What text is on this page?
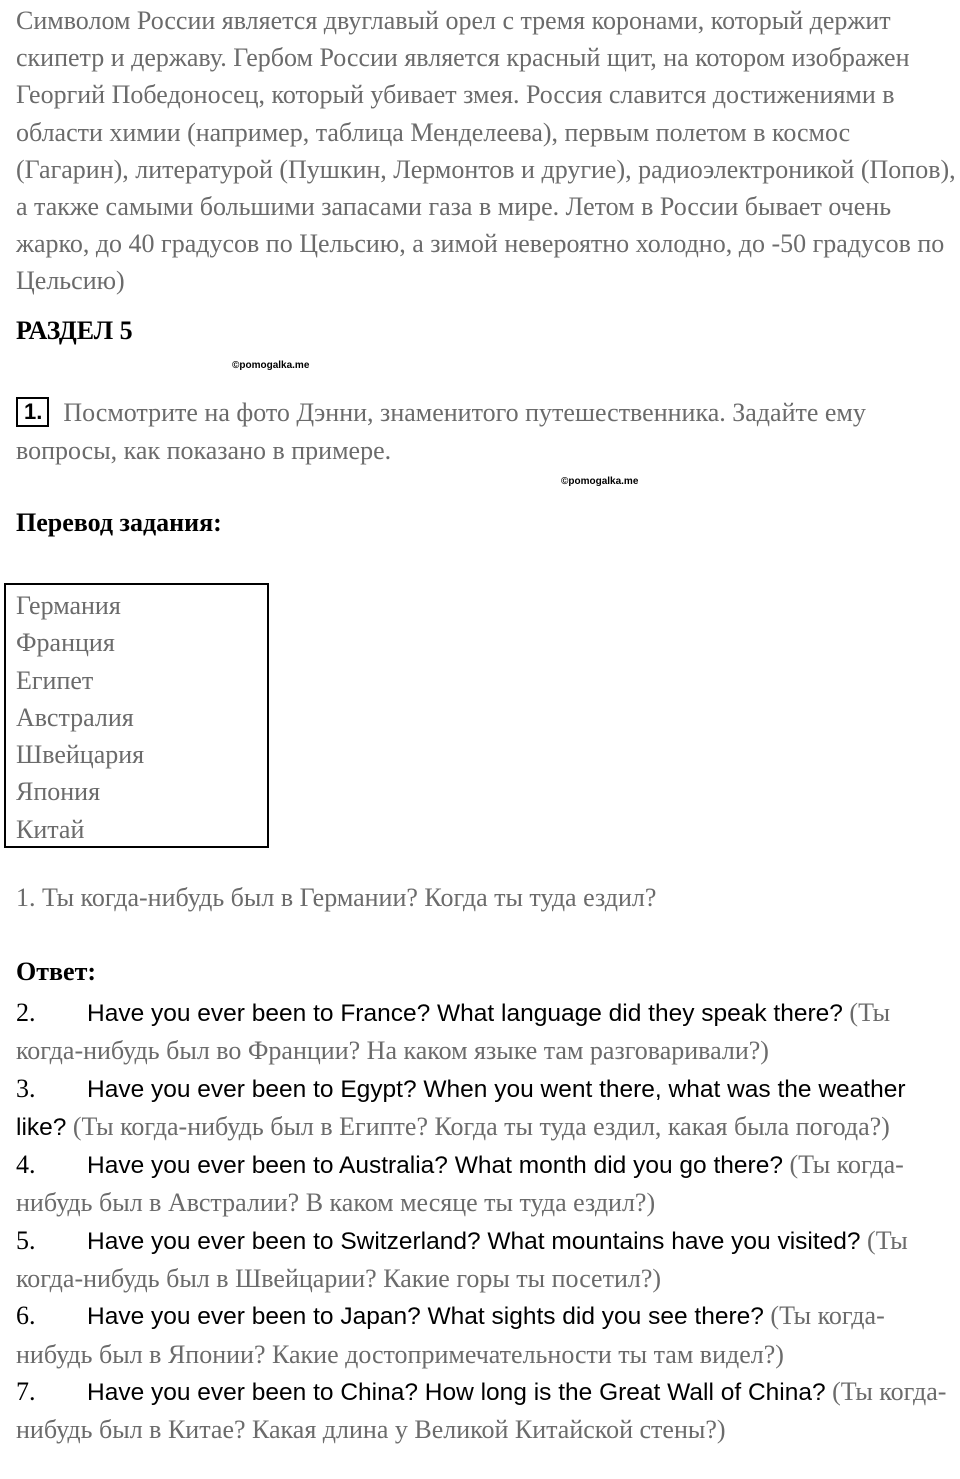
Символом России является двуглавый орел с тремя коронами, который держит скипетр и державу. Гербом России является красный щит, на котором изображен Георгий Победоносец, который убивает змея. Россия славится достижениями в области химии (например, таблица Менделеева), первым полетом в космос (Гагарин), литературой (Пушкин, Лермонтов и другие), радиоэлектроникой (Попов), а также самыми большими запасами газа в мире. Летом в России бывает очень жарко, до 40 градусов по Цельсию, а зимой невероятно холодно, до -50 градусов по Цельсию)

РАЗДЕЛ 5
©pomogalka.me

1. Посмотрите на фото Дэнни, знаменитого путешественника. Задайте ему вопросы, как показано в примере.

©pomogalka.me
Перевод задания:
Германия
Франция
Египет
Австралия
Швейцария
Япония
Китай

1. Ты когда-нибудь был в Германии? Когда ты туда ездил?

Ответ:
2. Have you ever been to France? What language did they speak there? (Ты когда-нибудь был во Франции? На каком языке там разговаривали?)
3. Have you ever been to Egypt? When you went there, what was the weather like? (Ты когда-нибудь был в Египте? Когда ты туда ездил, какая была погода?)
4. Have you ever been to Australia? What month did you go there? (Ты когда-нибудь был в Австралии? В каком месяце ты туда ездил?)
5. Have you ever been to Switzerland? What mountains have you visited? (Ты когда-нибудь был в Швейцарии? Какие горы ты посетил?)
6. Have you ever been to Japan? What sights did you see there? (Ты когда-нибудь был в Японии? Какие достопримечательности ты там видел?)
7. Have you ever been to China? How long is the Great Wall of China? (Ты когда-нибудь был в Китае? Какая длина у Великой Китайской стены?)
